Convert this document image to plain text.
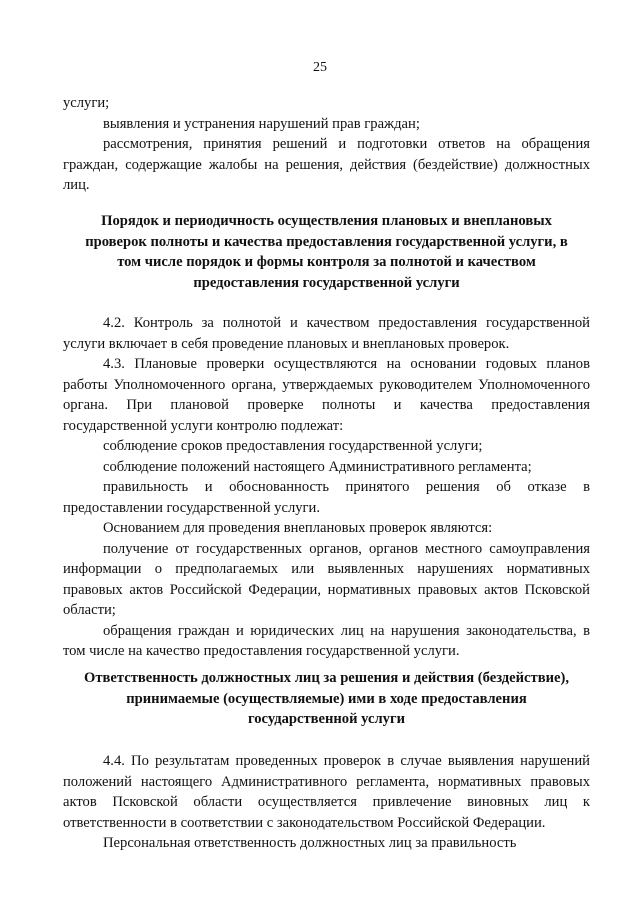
25

услуги;

выявления и устранения нарушений прав граждан;

рассмотрения, принятия решений и подготовки ответов на обращения граждан, содержащие жалобы на решения, действия (бездействие) должностных лиц.

Порядок и периодичность осуществления плановых и внеплановых проверок полноты и качества предоставления государственной услуги, в том числе порядок и формы контроля за полнотой и качеством предоставления государственной услуги

4.2. Контроль за полнотой и качеством предоставления государственной услуги включает в себя проведение плановых и внеплановых проверок.

4.3. Плановые проверки осуществляются на основании годовых планов работы Уполномоченного органа, утверждаемых руководителем Уполномоченного органа. При плановой проверке полноты и качества предоставления государственной услуги контролю подлежат:

соблюдение сроков предоставления государственной услуги;

соблюдение положений настоящего Административного регламента;

правильность и обоснованность принятого решения об отказе в предоставлении государственной услуги.

Основанием для проведения внеплановых проверок являются:

получение от государственных органов, органов местного самоуправления информации о предполагаемых или выявленных нарушениях нормативных правовых актов Российской Федерации, нормативных правовых актов Псковской области;

обращения граждан и юридических лиц на нарушения законодательства, в том числе на качество предоставления государственной услуги.

Ответственность должностных лиц за решения и действия (бездействие), принимаемые (осуществляемые) ими в ходе предоставления государственной услуги

4.4. По результатам проведенных проверок в случае выявления нарушений положений настоящего Административного регламента, нормативных правовых актов Псковской области осуществляется привлечение виновных лиц к ответственности в соответствии с законодательством Российской Федерации.

Персональная ответственность должностных лиц за правильность
